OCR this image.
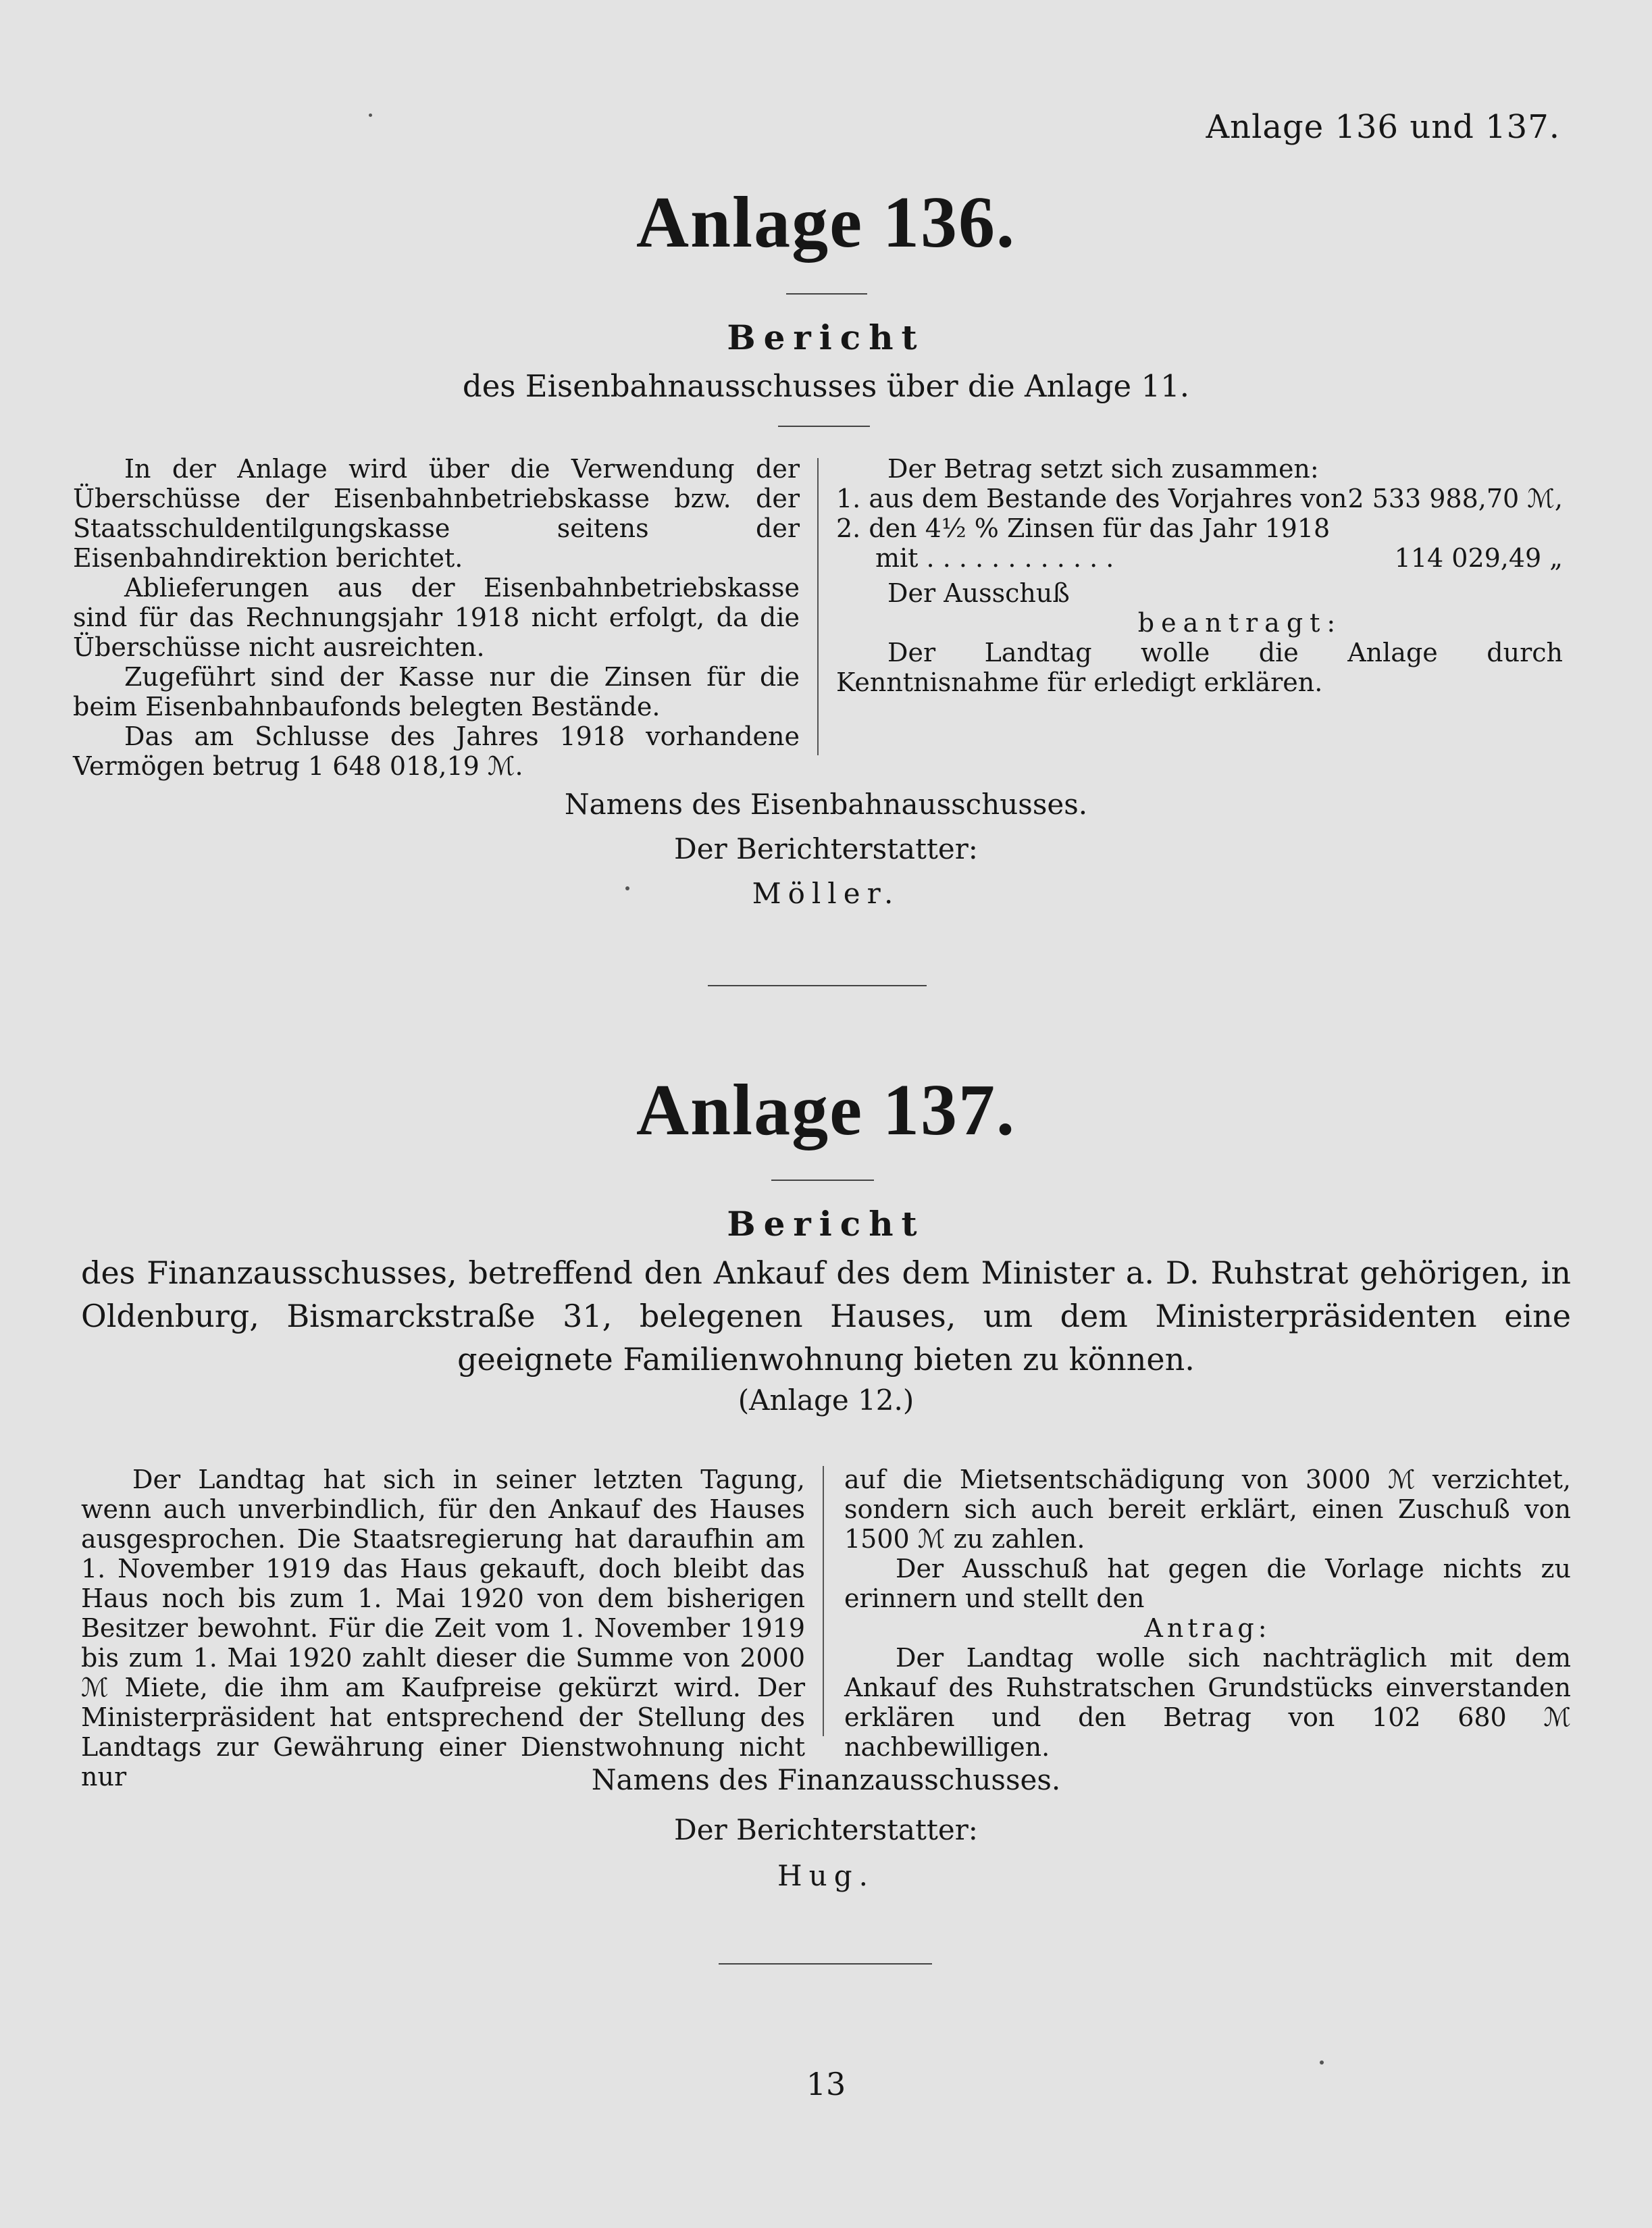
Anlage 136 und 137.
Anlage 136.
Bericht
des Eisenbahnausschusses über die Anlage 11.

In der Anlage wird über die Verwendung der Überschüsse der Eisenbahnbetriebskasse bzw. der Staatsschuldentilgungskasse seitens der Eisenbahndirektion berichtet.

Ablieferungen aus der Eisenbahnbetriebskasse sind für das Rechnungsjahr 1918 nicht erfolgt, da die Überschüsse nicht ausreichten.

Zugeführt sind der Kasse nur die Zinsen für die beim Eisenbahnbaufonds belegten Bestände.

Das am Schlusse des Jahres 1918 vorhandene Vermögen betrug 1 648 018,19 ℳ.

Der Betrag setzt sich zusammen:

1. aus dem Bestande des Vorjahres von 2 533 988,70 ℳ,
2. den 4½ % Zinsen für das Jahr 1918
mit . . . . . . . . . . . .	114 029,49 „

Der Ausschuß

beantragt:

Der Landtag wolle die Anlage durch Kenntnisnahme für erledigt erklären.

Namens des Eisenbahnausschusses.
Der Berichterstatter:
Möller.
Anlage 137.
Bericht
des Finanzausschusses, betreffend den Ankauf des dem Minister a. D. Ruhstrat gehörigen, in Oldenburg, Bismarckstraße 31, belegenen Hauses, um dem Ministerpräsidenten eine geeignete Familienwohnung bieten zu können.
(Anlage 12.)

Der Landtag hat sich in seiner letzten Tagung, wenn auch unverbindlich, für den Ankauf des Hauses ausgesprochen. Die Staatsregierung hat daraufhin am 1. November 1919 das Haus gekauft, doch bleibt das Haus noch bis zum 1. Mai 1920 von dem bisherigen Besitzer bewohnt. Für die Zeit vom 1. November 1919 bis zum 1. Mai 1920 zahlt dieser die Summe von 2000 ℳ Miete, die ihm am Kaufpreise gekürzt wird. Der Ministerpräsident hat entsprechend der Stellung des Landtags zur Gewährung einer Dienstwohnung nicht nur

auf die Mietsentschädigung von 3000 ℳ verzichtet, sondern sich auch bereit erklärt, einen Zuschuß von 1500 ℳ zu zahlen.

Der Ausschuß hat gegen die Vorlage nichts zu erinnern und stellt den

Antrag:

Der Landtag wolle sich nachträglich mit dem Ankauf des Ruhstratschen Grundstücks einverstanden erklären und den Betrag von 102 680 ℳ nachbewilligen.

Namens des Finanzausschusses.
Der Berichterstatter:
Hug.
13
